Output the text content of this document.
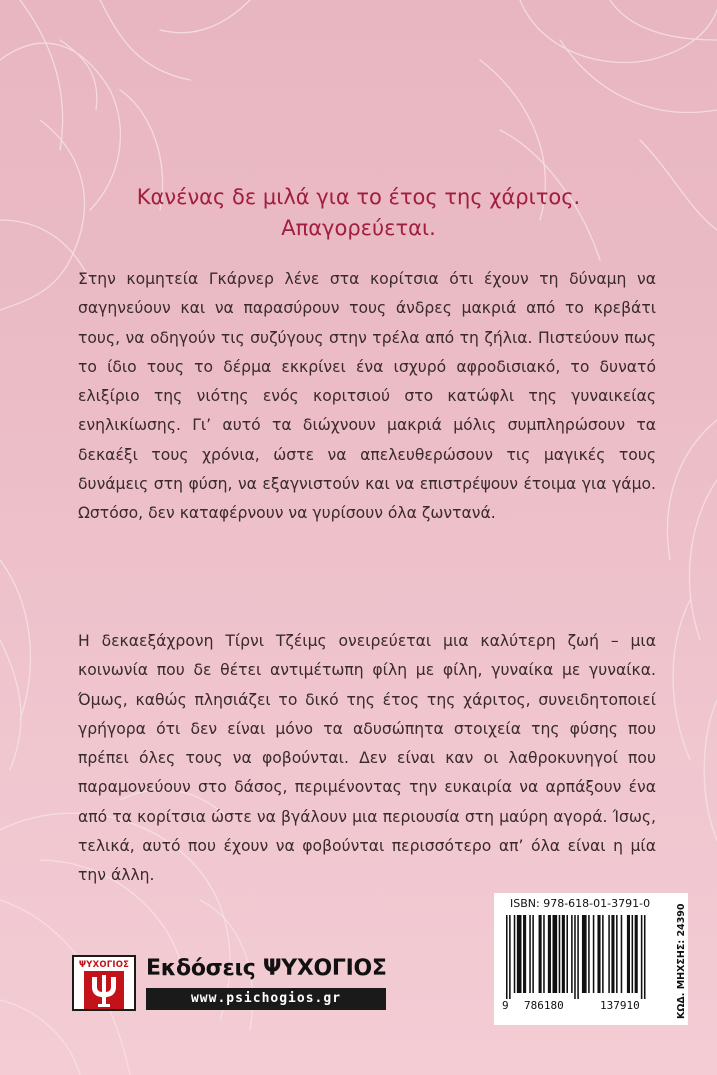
Κανένας δε μιλά για το έτος της χάριτος.
Απαγορεύεται.

Στην κομητεία Γκάρνερ λένε στα κορίτσια ότι έχουν τη δύναμη να σαγηνεύουν και να παρασύρουν τους άνδρες μακριά από το κρεβάτι τους, να οδηγούν τις συζύγους στην τρέλα από τη ζήλια. Πιστεύουν πως το ίδιο τους το δέρμα εκκρίνει ένα ισχυρό αφροδισιακό, το δυνατό ελιξίριο της νιότης ενός κοριτσιού στο κατώφλι της γυναικείας ενηλικίωσης. Γι’ αυτό τα διώχνουν μακριά μόλις συμπληρώσουν τα δεκαέξι τους χρόνια, ώστε να απελευθερώσουν τις μαγικές τους δυνάμεις στη φύση, να εξαγνιστούν και να επιστρέψουν έτοιμα για γάμο. Ωστόσο, δεν καταφέρνουν να γυρίσουν όλα ζωντανά.

Η δεκαεξάχρονη Τίρνι Τζέιμς ονειρεύεται μια καλύτερη ζωή – μια κοινωνία που δε θέτει αντιμέτωπη φίλη με φίλη, γυναίκα με γυναίκα. Όμως, καθώς πλησιάζει το δικό της έτος της χάριτος, συνειδητοποιεί γρήγορα ότι δεν είναι μόνο τα αδυσώπητα στοιχεία της φύσης που πρέπει όλες τους να φοβούνται. Δεν είναι καν οι λαθροκυνηγοί που παραμονεύουν στο δάσος, περιμένοντας την ευκαιρία να αρπάξουν ένα από τα κορίτσια ώστε να βγάλουν μια περιουσία στη μαύρη αγορά. Ίσως, τελικά, αυτό που έχουν να φοβούνται περισσότερο απ’ όλα είναι η μία την άλλη.

ΨΥΧΟΓΙΟΣ Εκδόσεις ΨΥΧΟΓΙΟΣ
www.psichogios.gr
ISBN: 978-618-01-3791-0
9 786180	137910	ΚΩΔ. ΜΗΧΣΗΣ: 24390
